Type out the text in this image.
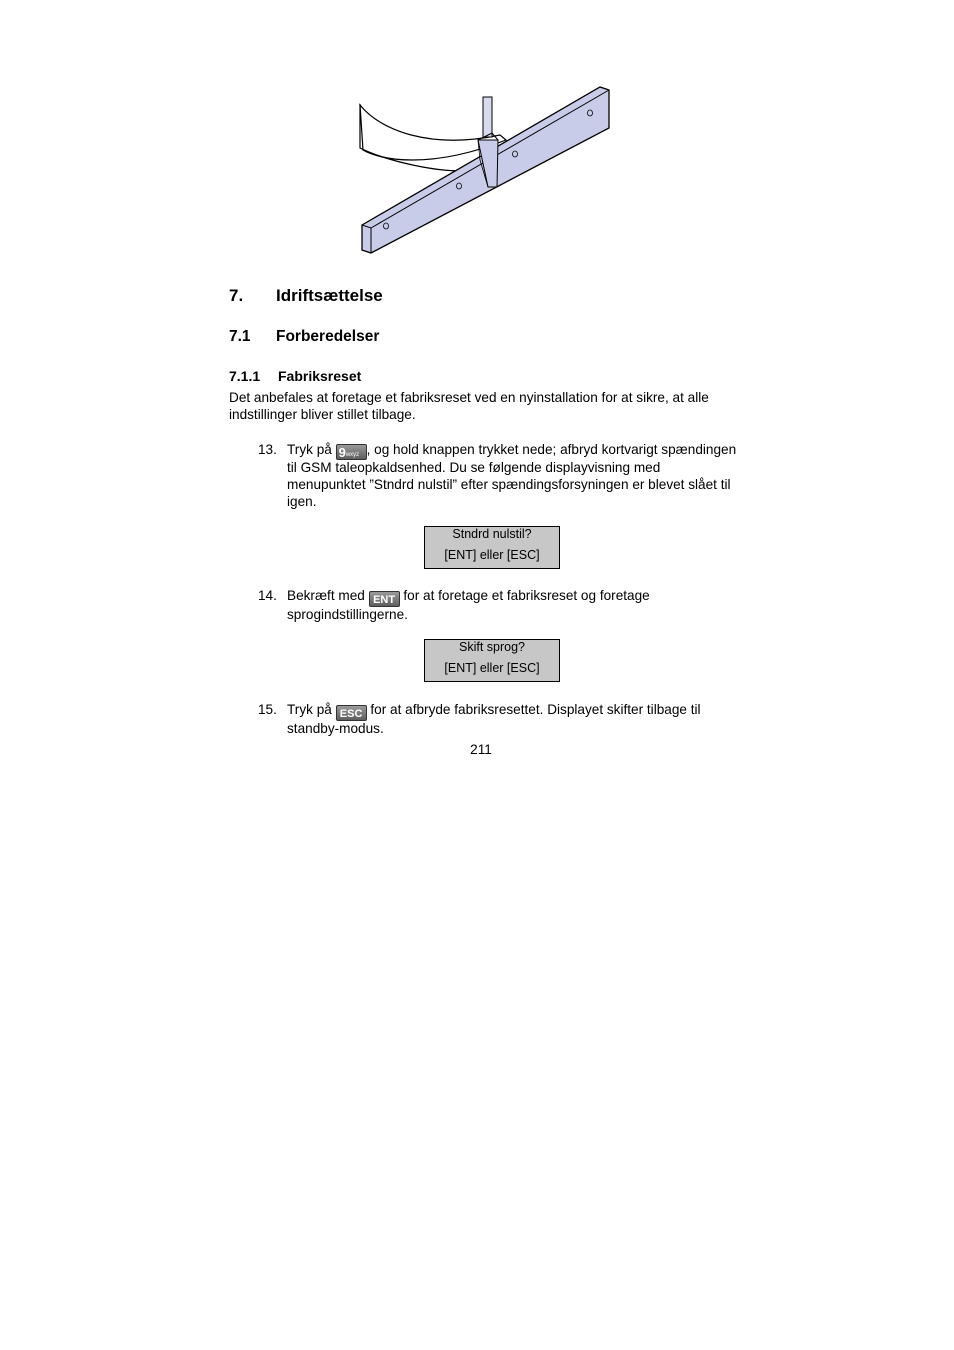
7. Idriftsættelse
7.1 Forberedelser
7.1.1 Fabriksreset
Det anbefales at foretage et fabriksreset ved en nyinstallation for at sikre, at alle indstillinger bliver stillet tilbage.
13. Tryk på 9wxyz , og hold knappen trykket nede; afbryd kortvarigt spændingen til GSM taleopkaldsenhed. Du se følgende displayvisning med menupunktet ”Stndrd nulstil” efter spændingsforsyningen er blevet slået til igen.
Stndrd nulstil?
[ENT] eller [ESC]
14. Bekræft med ENT for at foretage et fabriksreset og foretage sprogindstillingerne.
Skift sprog?
[ENT] eller [ESC]
15. Tryk på ESC for at afbryde fabriksresettet. Displayet skifter tilbage til standby-modus.
211
